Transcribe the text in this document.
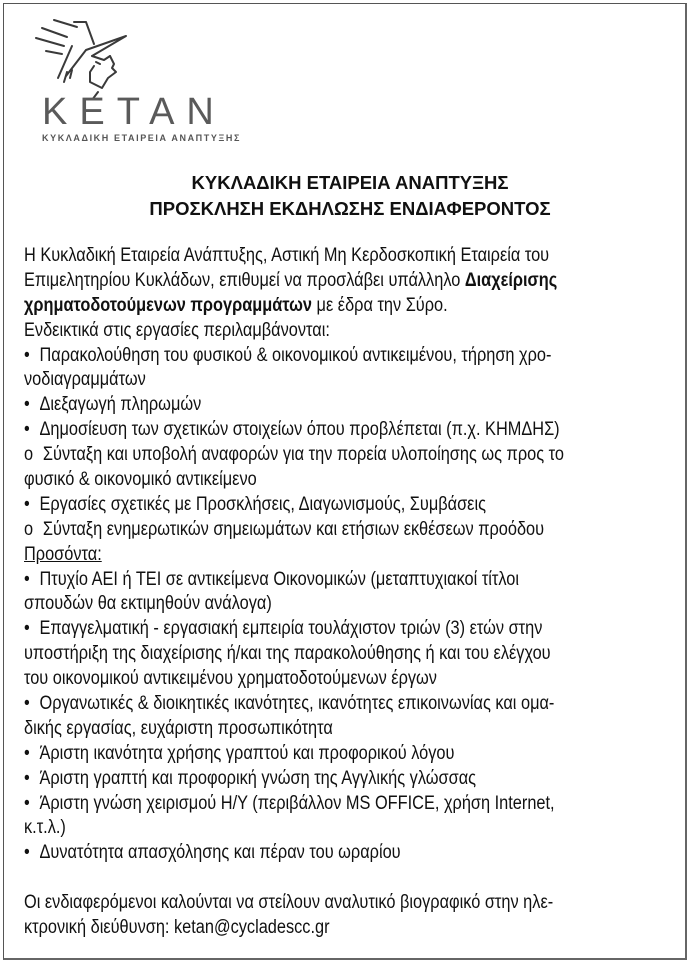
KETAN
ΚΥΚΛΑΔΙΚΗ ΕΤΑΙΡΕΙΑ ΑΝΑΠΤΥΞΗΣ
ΚΥΚΛΑΔΙΚΗ ΕΤΑΙΡΕΙΑ ΑΝΑΠΤΥΞΗΣ
ΠΡΟΣΚΛΗΣΗ ΕΚΔΗΛΩΣΗΣ ΕΝΔΙΑΦΕΡΟΝΤΟΣ
Η Κυκλαδική Εταιρεία Ανάπτυξης, Αστική Μη Κερδοσκοπική Εταιρεία του
Επιμελητηρίου Κυκλάδων, επιθυμεί να προσλάβει υπάλληλο Διαχείρισης
χρηματοδοτούμενων προγραμμάτων με έδρα την Σύρο.
Ενδεικτικά στις εργασίες περιλαμβάνονται:
• Παρακολούθηση του φυσικού & οικονομικού αντικειμένου, τήρηση χρο-
νοδιαγραμμάτων
• Διεξαγωγή πληρωμών
• Δημοσίευση των σχετικών στοιχείων όπου προβλέπεται (π.χ. ΚΗΜΔΗΣ)
o Σύνταξη και υποβολή αναφορών για την πορεία υλοποίησης ως προς το
φυσικό & οικονομικό αντικείμενο
• Εργασίες σχετικές με Προσκλήσεις, Διαγωνισμούς, Συμβάσεις
o Σύνταξη ενημερωτικών σημειωμάτων και ετήσιων εκθέσεων προόδου
Προσόντα:
• Πτυχίο ΑΕΙ ή ΤΕΙ σε αντικείμενα Οικονομικών (μεταπτυχιακοί τίτλοι
σπουδών θα εκτιμηθούν ανάλογα)
• Επαγγελματική - εργασιακή εμπειρία τουλάχιστον τριών (3) ετών στην
υποστήριξη της διαχείρισης ή/και της παρακολούθησης ή και του ελέγχου
του οικονομικού αντικειμένου χρηματοδοτούμενων έργων
• Οργανωτικές & διοικητικές ικανότητες, ικανότητες επικοινωνίας και ομα-
δικής εργασίας, ευχάριστη προσωπικότητα
• Άριστη ικανότητα χρήσης γραπτού και προφορικού λόγου
• Άριστη γραπτή και προφορική γνώση της Αγγλικής γλώσσας
• Άριστη γνώση χειρισμού Η/Υ (περιβάλλον MS OFFICE, χρήση Internet,
κ.τ.λ.)
• Δυνατότητα απασχόλησης και πέραν του ωραρίου
Οι ενδιαφερόμενοι καλούνται να στείλουν αναλυτικό βιογραφικό στην ηλε-
κτρονική διεύθυνση: ketan@cycladescc.gr
